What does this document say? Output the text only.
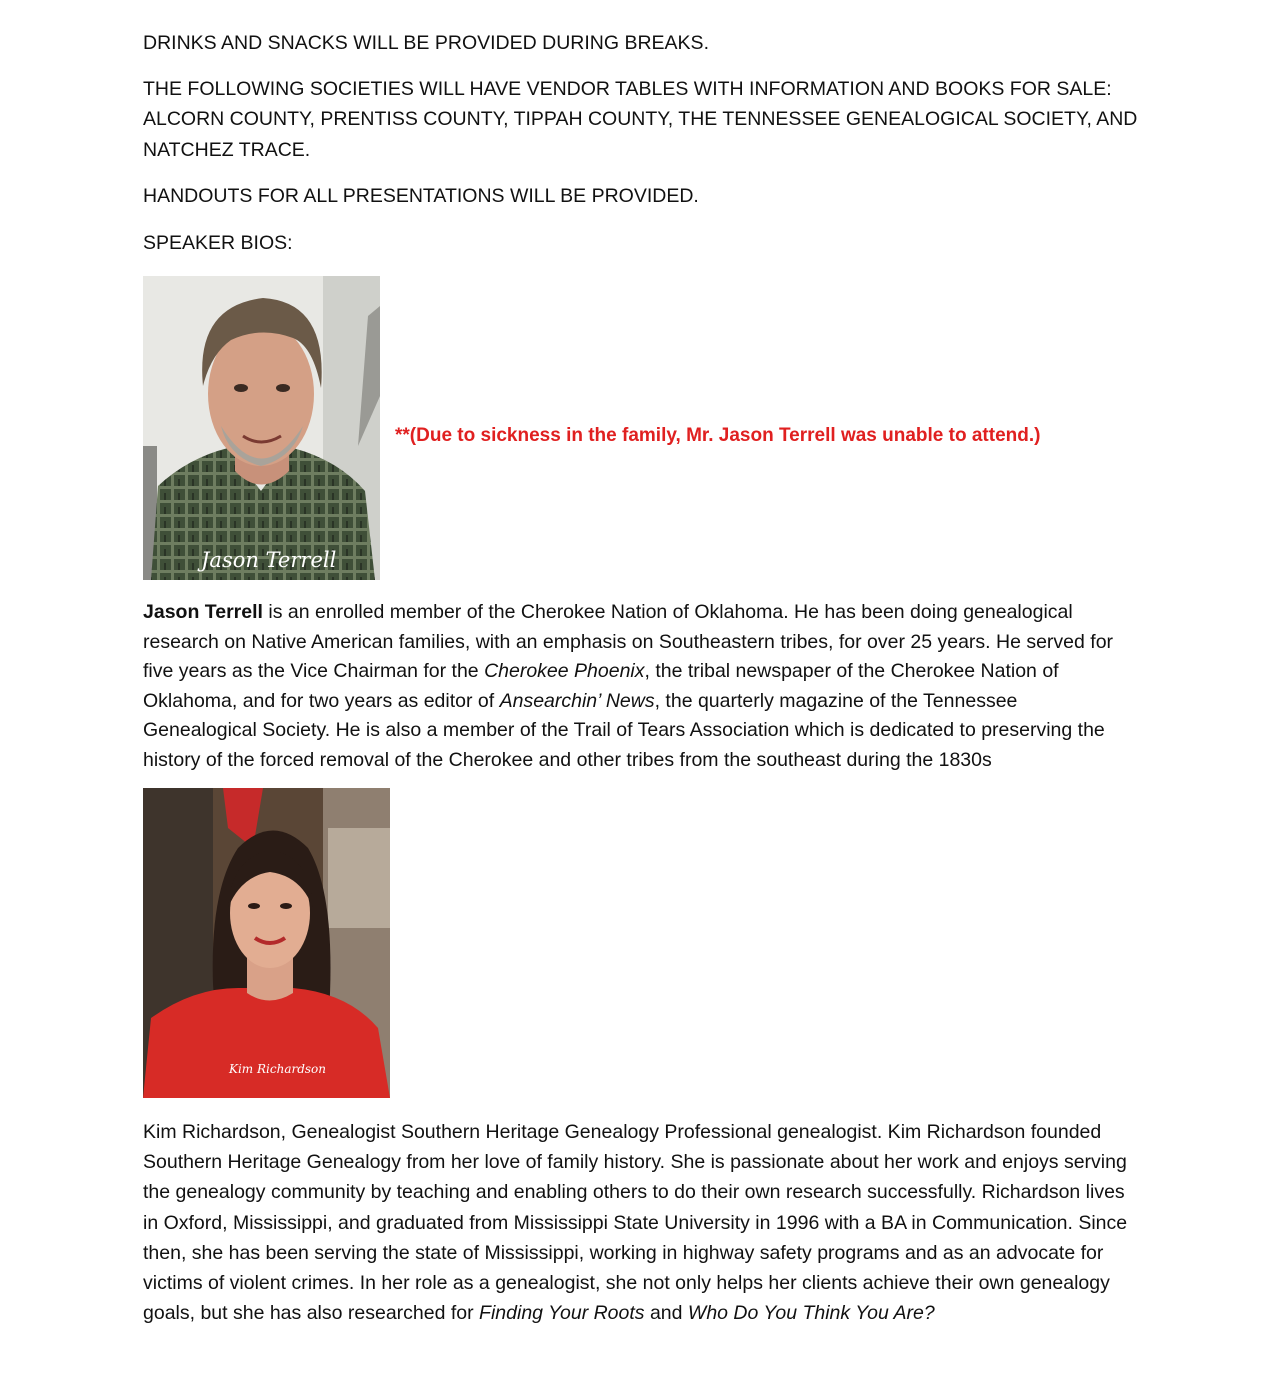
DRINKS AND SNACKS WILL BE PROVIDED DURING BREAKS.
THE FOLLOWING SOCIETIES WILL HAVE VENDOR TABLES WITH INFORMATION AND BOOKS FOR SALE:
ALCORN COUNTY, PRENTISS COUNTY, TIPPAH COUNTY, THE TENNESSEE GENEALOGICAL SOCIETY, AND
NATCHEZ TRACE.
HANDOUTS FOR ALL PRESENTATIONS WILL BE PROVIDED.
SPEAKER BIOS:
Jason Terrell
**(Due to sickness in the family, Mr. Jason Terrell was unable to attend.)
Jason Terrell is an enrolled member of the Cherokee Nation of Oklahoma. He has been doing genealogical research on Native American families, with an emphasis on Southeastern tribes, for over 25 years. He served for five years as the Vice Chairman for the Cherokee Phoenix, the tribal newspaper of the Cherokee Nation of Oklahoma, and for two years as editor of Ansearchin’ News, the quarterly magazine of the Tennessee Genealogical Society. He is also a member of the Trail of Tears Association which is dedicated to preserving the history of the forced removal of the Cherokee and other tribes from the southeast during the 1830s
Kim Richardson
Kim Richardson, Genealogist Southern Heritage Genealogy Professional genealogist. Kim Richardson founded Southern Heritage Genealogy from her love of family history. She is passionate about her work and enjoys serving the genealogy community by teaching and enabling others to do their own research successfully. Richardson lives in Oxford, Mississippi, and graduated from Mississippi State University in 1996 with a BA in Communication. Since then, she has been serving the state of Mississippi, working in highway safety programs and as an advocate for victims of violent crimes. In her role as a genealogist, she not only helps her clients achieve their own genealogy goals, but she has also researched for Finding Your Roots and Who Do You Think You Are?
